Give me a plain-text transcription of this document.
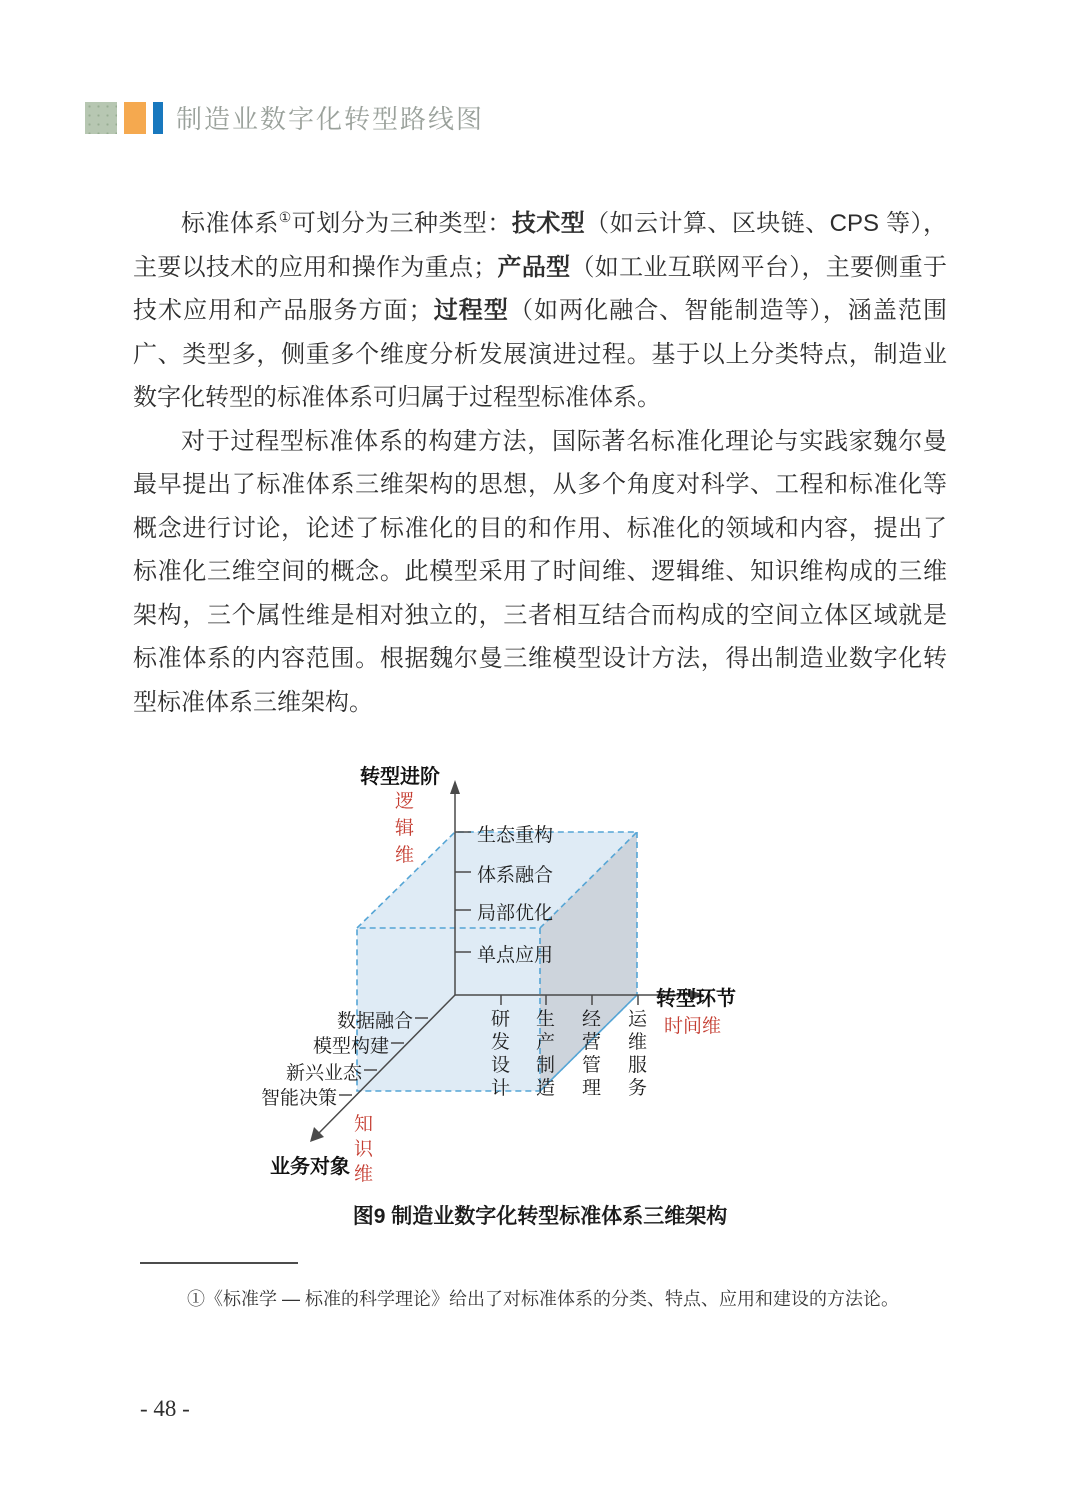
制造业数字化转型路线图

标准体系①可划分为三种类型：技术型（如云计算、区块链、CPS 等），主要以技术的应用和操作为重点；产品型（如工业互联网平台），主要侧重于技术应用和产品服务方面；过程型（如两化融合、智能制造等），涵盖范围广、类型多，侧重多个维度分析发展演进过程。基于以上分类特点，制造业数字化转型的标准体系可归属于过程型标准体系。

对于过程型标准体系的构建方法，国际著名标准化理论与实践家魏尔曼最早提出了标准体系三维架构的思想，从多个角度对科学、工程和标准化等概念进行讨论，论述了标准化的目的和作用、标准化的领域和内容，提出了标准化三维空间的概念。此模型采用了时间维、逻辑维、知识维构成的三维架构，三个属性维是相对独立的，三者相互结合而构成的空间立体区域就是标准体系的内容范围。根据魏尔曼三维模型设计方法，得出制造业数字化转型标准体系三维架构。

转型进阶
转型环节
业务对象
逻辑维
时间维
知识维
生态重构
体系融合
局部优化
单点应用
研发设计
生产制造
经营管理
运维服务
数据融合
模型构建
新兴业态
智能决策
图9 制造业数字化转型标准体系三维架构
①《标准学 — 标准的科学理论》给出了对标准体系的分类、特点、应用和建设的方法论。
- 48 -
